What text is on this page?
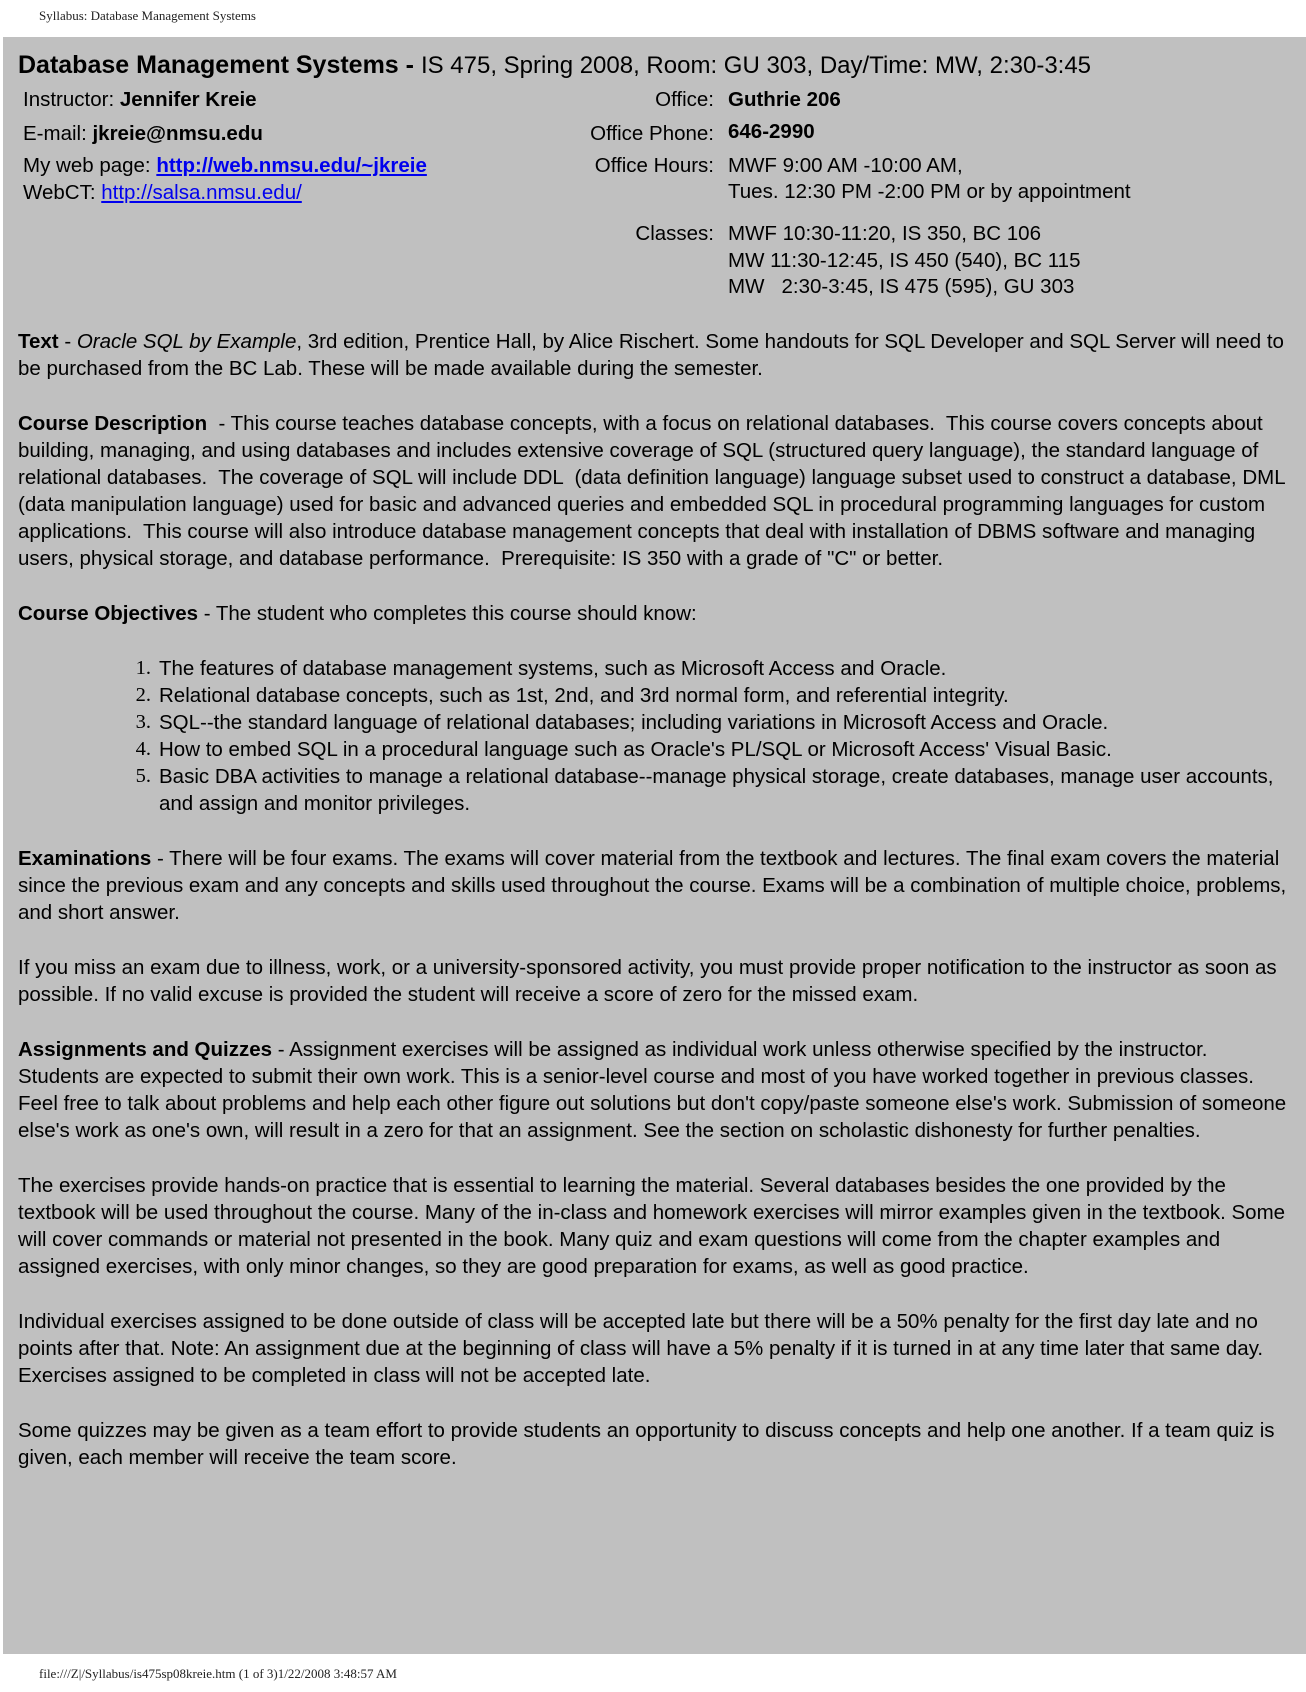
Syllabus: Database Management Systems
Database Management Systems - IS 475, Spring 2008, Room: GU 303, Day/Time: MW, 2:30-3:45
Instructor: Jennifer Kreie
E-mail: jkreie@nmsu.edu
My web page: http://web.nmsu.edu/~jkreie
WebCT: http://salsa.nmsu.edu/
Office: Guthrie 206
Office Phone: 646-2990
Office Hours: MWF 9:00 AM -10:00 AM,
Tues. 12:30 PM -2:00 PM or by appointment
Classes: MWF 10:30-11:20, IS 350, BC 106
MW 11:30-12:45, IS 450 (540), BC 115
MW   2:30-3:45, IS 475 (595), GU 303

Text - Oracle SQL by Example, 3rd edition, Prentice Hall, by Alice Rischert. Some handouts for SQL Developer and SQL Server will need to be purchased from the BC Lab. These will be made available during the semester.

Course Description  - This course teaches database concepts, with a focus on relational databases.  This course covers concepts about building, managing, and using databases and includes extensive coverage of SQL (structured query language), the standard language of relational databases.  The coverage of SQL will include DDL  (data definition language) language subset used to construct a database, DML (data manipulation language) used for basic and advanced queries and embedded SQL in procedural programming languages for custom applications.  This course will also introduce database management concepts that deal with installation of DBMS software and managing users, physical storage, and database performance.  Prerequisite: IS 350 with a grade of "C" or better.

Course Objectives - The student who completes this course should know:

1. The features of database management systems, such as Microsoft Access and Oracle.
2. Relational database concepts, such as 1st, 2nd, and 3rd normal form, and referential integrity.
3. SQL--the standard language of relational databases; including variations in Microsoft Access and Oracle.
4. How to embed SQL in a procedural language such as Oracle's PL/SQL or Microsoft Access' Visual Basic.
5. Basic DBA activities to manage a relational database--manage physical storage, create databases, manage user accounts, and assign and monitor privileges.

Examinations - There will be four exams. The exams will cover material from the textbook and lectures. The final exam covers the material since the previous exam and any concepts and skills used throughout the course. Exams will be a combination of multiple choice, problems, and short answer.

If you miss an exam due to illness, work, or a university-sponsored activity, you must provide proper notification to the instructor as soon as possible. If no valid excuse is provided the student will receive a score of zero for the missed exam.

Assignments and Quizzes - Assignment exercises will be assigned as individual work unless otherwise specified by the instructor. Students are expected to submit their own work. This is a senior-level course and most of you have worked together in previous classes. Feel free to talk about problems and help each other figure out solutions but don't copy/paste someone else's work. Submission of someone else's work as one's own, will result in a zero for that an assignment. See the section on scholastic dishonesty for further penalties.

The exercises provide hands-on practice that is essential to learning the material. Several databases besides the one provided by the textbook will be used throughout the course. Many of the in-class and homework exercises will mirror examples given in the textbook. Some will cover commands or material not presented in the book. Many quiz and exam questions will come from the chapter examples and assigned exercises, with only minor changes, so they are good preparation for exams, as well as good practice.

Individual exercises assigned to be done outside of class will be accepted late but there will be a 50% penalty for the first day late and no points after that. Note: An assignment due at the beginning of class will have a 5% penalty if it is turned in at any time later that same day. Exercises assigned to be completed in class will not be accepted late.

Some quizzes may be given as a team effort to provide students an opportunity to discuss concepts and help one another. If a team quiz is given, each member will receive the team score.

file:///Z|/Syllabus/is475sp08kreie.htm (1 of 3)1/22/2008 3:48:57 AM
